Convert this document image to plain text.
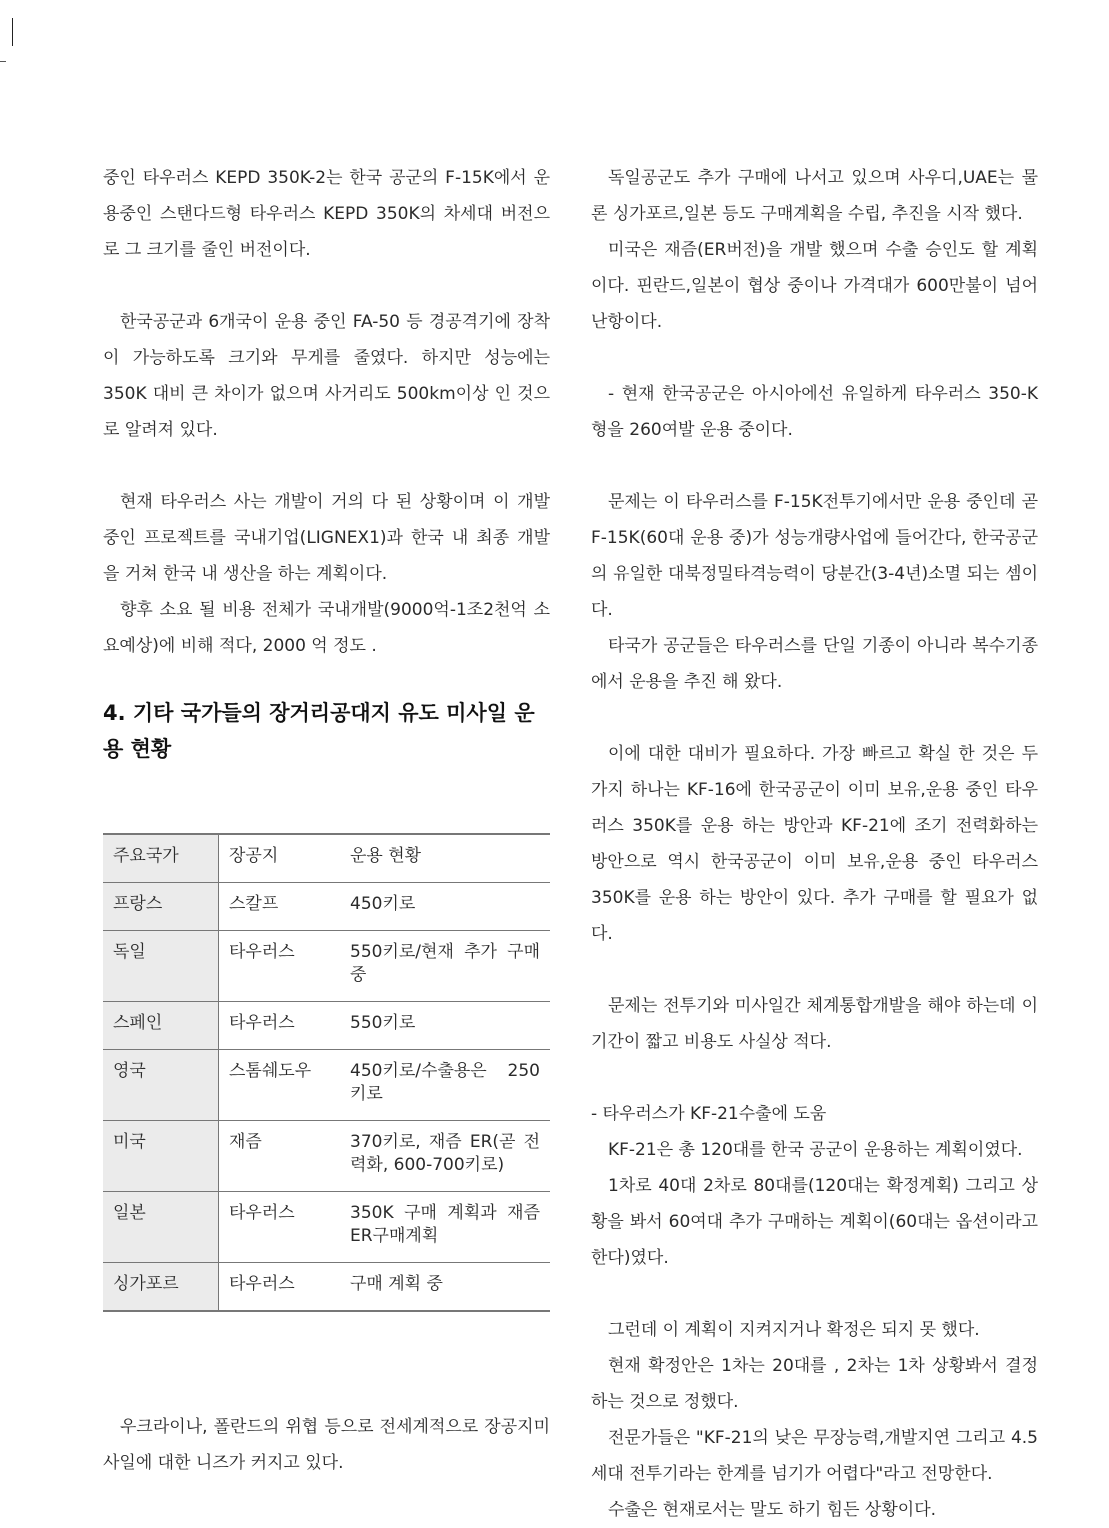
중인 타우러스 KEPD 350K-2는 한국 공군의 F-15K에서 운용중인 스탠다드형 타우러스 KEPD 350K의 차세대 버전으로 그 크기를 줄인 버전이다.

한국공군과 6개국이 운용 중인 FA-50 등 경공격기에 장착이 가능하도록 크기와 무게를 줄였다. 하지만 성능에는 350K 대비 큰 차이가 없으며 사거리도 500km이상 인 것으로 알려져 있다.

현재 타우러스 사는 개발이 거의 다 된 상황이며 이 개발 중인 프로젝트를 국내기업(LIGNEX1)과 한국 내 최종 개발을 거쳐 한국 내 생산을 하는 계획이다.

향후 소요 될 비용 전체가 국내개발(9000억-1조2천억 소요예상)에 비해 적다, 2000 억 정도 .

4. 기타 국가들의 장거리공대지 유도 미사일 운용 현황
주요국가	장공지	운용 현황
프랑스	스칼프	450키로
독일	타우러스	550키로/현재 추가 구매중
스페인	타우러스	550키로
영국	스톰쉐도우	450키로/수출용은 250키로
미국	재즘	370키로, 재즘 ER(곧 전력화, 600-700키로)
일본	타우러스	350K 구매 계획과 재즘 ER구매계획
싱가포르	타우러스	구매 계획 중

우크라이나, 폴란드의 위협 등으로 전세계적으로 장공지미사일에 대한 니즈가 커지고 있다.

독일공군도 추가 구매에 나서고 있으며 사우디,UAE는 물론 싱가포르,일본 등도 구매계획을 수립, 추진을 시작 했다.

미국은 재즘(ER버전)을 개발 했으며 수출 승인도 할 계획이다. 핀란드,일본이 협상 중이나 가격대가 600만불이 넘어 난항이다.

- 현재 한국공군은 아시아에선 유일하게 타우러스 350-K형을 260여발 운용 중이다.

문제는 이 타우러스를 F-15K전투기에서만 운용 중인데 곧 F-15K(60대 운용 중)가 성능개량사업에 들어간다, 한국공군의 유일한 대북정밀타격능력이 당분간(3-4년)소멸 되는 셈이다.

타국가 공군들은 타우러스를 단일 기종이 아니라 복수기종에서 운용을 추진 해 왔다.

이에 대한 대비가 필요하다. 가장 빠르고 확실 한 것은 두가지 하나는 KF-16에 한국공군이 이미 보유,운용 중인 타우러스 350K를 운용 하는 방안과 KF-21에 조기 전력화하는 방안으로 역시 한국공군이 이미 보유,운용 중인 타우러스 350K를 운용 하는 방안이 있다. 추가 구매를 할 필요가 없다.

문제는 전투기와 미사일간 체계통합개발을 해야 하는데 이기간이 짧고 비용도 사실상 적다.

- 타우러스가 KF-21수출에 도움

KF-21은 총 120대를 한국 공군이 운용하는 계획이였다.

1차로 40대 2차로 80대를(120대는 확정계획) 그리고 상황을 봐서 60여대 추가 구매하는 계획이(60대는 옵션이라고 한다)였다.

그런데 이 계획이 지켜지거나 확정은 되지 못 했다.

현재 확정안은 1차는 20대를 , 2차는 1차 상황봐서 결정 하는 것으로 정했다.

전문가들은 "KF-21의 낮은 무장능력,개발지연 그리고 4.5세대 전투기라는 한계를 넘기가 어렵다"라고 전망한다.

수출은 현재로서는 말도 하기 힘든 상황이다.
